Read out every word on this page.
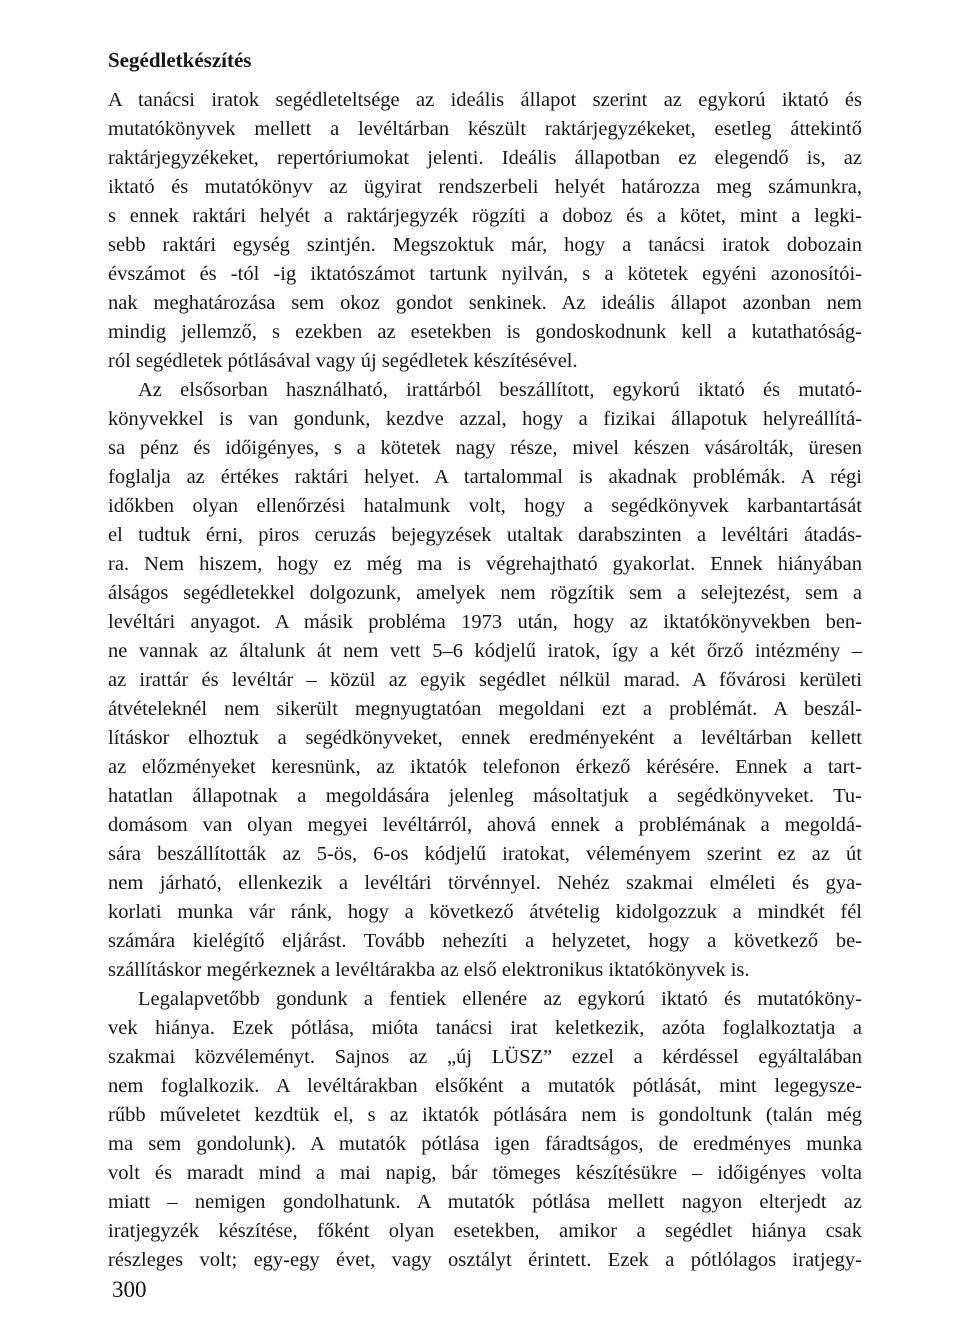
Segédletkészítés
A tanácsi iratok segédleteltsége az ideális állapot szerint az egykorú iktató és
mutatókönyvek mellett a levéltárban készült raktárjegyzékeket, esetleg áttekintő
raktárjegyzékeket, repertóriumokat jelenti. Ideális állapotban ez elegendő is, az
iktató és mutatókönyv az ügyirat rendszerbeli helyét határozza meg számunkra,
s ennek raktári helyét a raktárjegyzék rögzíti a doboz és a kötet, mint a legki-
sebb raktári egység szintjén. Megszoktuk már, hogy a tanácsi iratok dobozain
évszámot és -tól -ig iktatószámot tartunk nyilván, s a kötetek egyéni azonosítói-
nak meghatározása sem okoz gondot senkinek. Az ideális állapot azonban nem
mindig jellemző, s ezekben az esetekben is gondoskodnunk kell a kutathatóság-
ról segédletek pótlásával vagy új segédletek készítésével.
Az elsősorban használható, irattárból beszállított, egykorú iktató és mutató-
könyvekkel is van gondunk, kezdve azzal, hogy a fizikai állapotuk helyreállítá-
sa pénz és időigényes, s a kötetek nagy része, mivel készen vásárolták, üresen
foglalja az értékes raktári helyet. A tartalommal is akadnak problémák. A régi
időkben olyan ellenőrzési hatalmunk volt, hogy a segédkönyvek karbantartását
el tudtuk érni, piros ceruzás bejegyzések utaltak darabszinten a levéltári átadás-
ra. Nem hiszem, hogy ez még ma is végrehajtható gyakorlat. Ennek hiányában
álságos segédletekkel dolgozunk, amelyek nem rögzítik sem a selejtezést, sem a
levéltári anyagot. A másik probléma 1973 után, hogy az iktatókönyvekben ben-
ne vannak az általunk át nem vett 5–6 kódjelű iratok, így a két őrző intézmény –
az irattár és levéltár – közül az egyik segédlet nélkül marad. A fővárosi kerületi
átvételeknél nem sikerült megnyugtatóan megoldani ezt a problémát. A beszál-
lításkor elhoztuk a segédkönyveket, ennek eredményeként a levéltárban kellett
az előzményeket keresnünk, az iktatók telefonon érkező kérésére. Ennek a tart-
hatatlan állapotnak a megoldására jelenleg másoltatjuk a segédkönyveket. Tu-
domásom van olyan megyei levéltárról, ahová ennek a problémának a megoldá-
sára beszállították az 5-ös, 6-os kódjelű iratokat, véleményem szerint ez az út
nem járható, ellenkezik a levéltári törvénnyel. Nehéz szakmai elméleti és gya-
korlati munka vár ránk, hogy a következő átvételig kidolgozzuk a mindkét fél
számára kielégítő eljárást. Tovább nehezíti a helyzetet, hogy a következő be-
szállításkor megérkeznek a levéltárakba az első elektronikus iktatókönyvek is.
Legalapvetőbb gondunk a fentiek ellenére az egykorú iktató és mutatóköny-
vek hiánya. Ezek pótlása, mióta tanácsi irat keletkezik, azóta foglalkoztatja a
szakmai közvéleményt. Sajnos az „új LÜSZ” ezzel a kérdéssel egyáltalában
nem foglalkozik. A levéltárakban elsőként a mutatók pótlását, mint legegysze-
rűbb műveletet kezdtük el, s az iktatók pótlására nem is gondoltunk (talán még
ma sem gondolunk). A mutatók pótlása igen fáradtságos, de eredményes munka
volt és maradt mind a mai napig, bár tömeges készítésükre – időigényes volta
miatt – nemigen gondolhatunk. A mutatók pótlása mellett nagyon elterjedt az
iratjegyzék készítése, főként olyan esetekben, amikor a segédlet hiánya csak
részleges volt; egy-egy évet, vagy osztályt érintett. Ezek a pótlólagos iratjegy-
300
